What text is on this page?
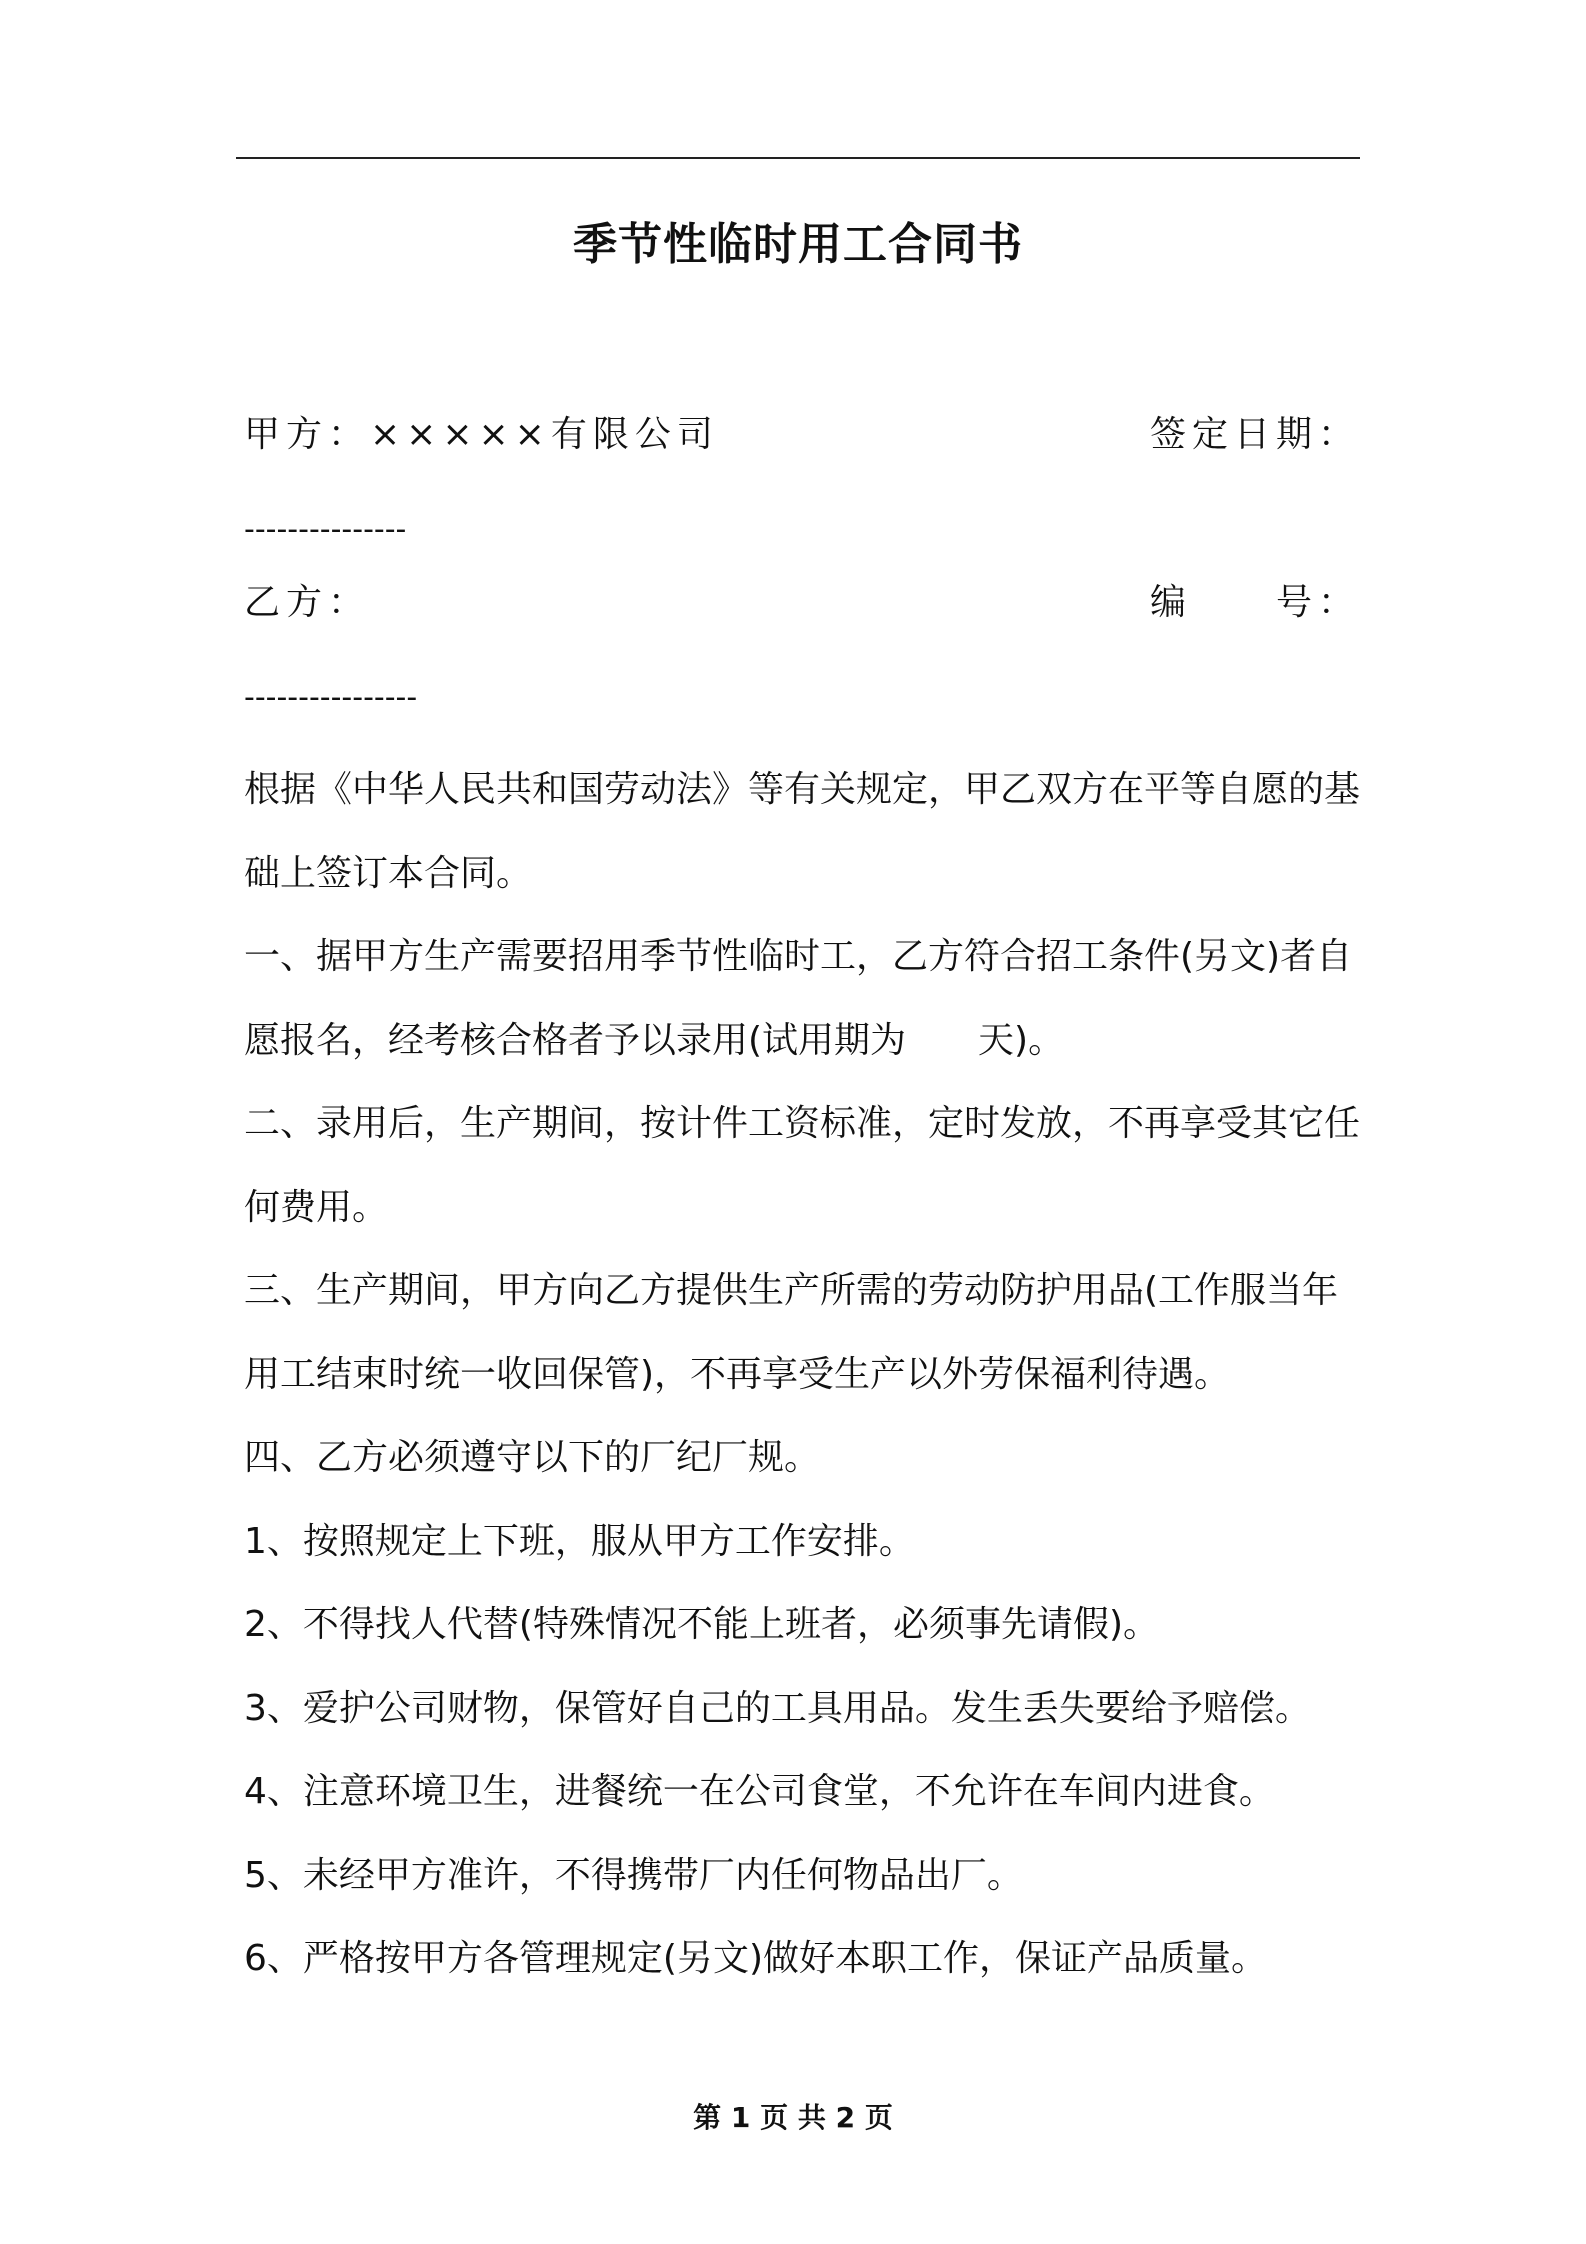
季节性临时用工合同书
甲方：×××××有限公司	签定日期：
---------------
乙方：	编　　号：
----------------

根据《中华人民共和国劳动法》等有关规定，甲乙双方在平等自愿的基础上签订本合同。

一、据甲方生产需要招用季节性临时工，乙方符合招工条件(另文)者自愿报名，经考核合格者予以录用(试用期为　　天)。

二、录用后，生产期间，按计件工资标准，定时发放，不再享受其它任何费用。

三、生产期间，甲方向乙方提供生产所需的劳动防护用品(工作服当年用工结束时统一收回保管)，不再享受生产以外劳保福利待遇。

四、乙方必须遵守以下的厂纪厂规。

1、按照规定上下班，服从甲方工作安排。

2、不得找人代替(特殊情况不能上班者，必须事先请假)。

3、爱护公司财物，保管好自己的工具用品。发生丢失要给予赔偿。

4、注意环境卫生，进餐统一在公司食堂，不允许在车间内进食。

5、未经甲方准许，不得携带厂内任何物品出厂。

6、严格按甲方各管理规定(另文)做好本职工作，保证产品质量。

第 1 页 共 2 页
